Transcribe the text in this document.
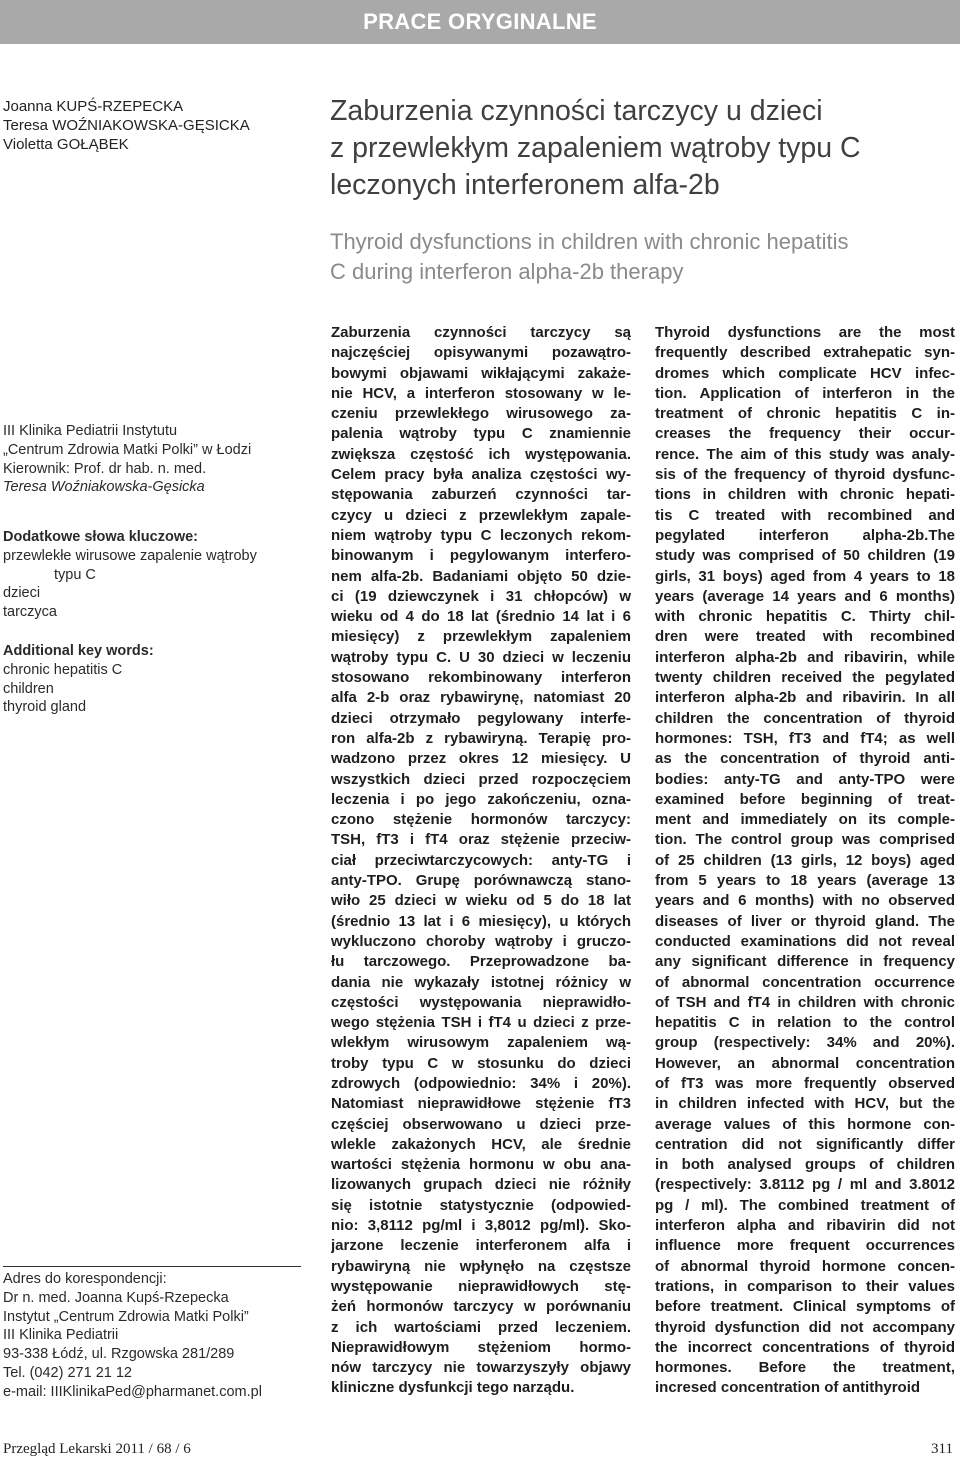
PRACE ORYGINALNE
Joanna KUPŚ-RZEPECKA
Teresa WOŹNIAKOWSKA-GĘSICKA
Violetta GOŁĄBEK
Zaburzenia czynności tarczycy u dzieci
z przewlekłym zapaleniem wątroby typu C
leczonych interferonem alfa-2b
Thyroid dysfunctions in children with chronic hepatitis
C during interferon alpha-2b therapy
III Klinika Pediatrii Instytutu
„Centrum Zdrowia Matki Polki” w Łodzi
Kierownik: Prof. dr hab. n. med.
Teresa Woźniakowska-Gęsicka
Dodatkowe słowa kluczowe:
przewlekłe wirusowe zapalenie wątroby
typu C
dzieci
tarczyca
Additional key words:
chronic hepatitis C
children
thyroid gland
Adres do korespondencji:
Dr n. med. Joanna Kupś-Rzepecka
Instytut „Centrum Zdrowia Matki Polki”
III Klinika Pediatrii
93-338 Łódź, ul. Rzgowska 281/289
Tel. (042) 271 21 12
e-mail: IIIKlinikaPed@pharmanet.com.pl
Zaburzenia czynności tarczycy są
najczęściej opisywanymi pozawątro-
bowymi objawami wikłającymi zakaże-
nie HCV, a interferon stosowany w le-
czeniu przewlekłego wirusowego za-
palenia wątroby typu C znamiennie
zwiększa częstość ich występowania.
Celem pracy była analiza częstości wy-
stępowania zaburzeń czynności tar-
czycy u dzieci z przewlekłym zapale-
niem wątroby typu C leczonych rekom-
binowanym i pegylowanym interfero-
nem alfa-2b. Badaniami objęto 50 dzie-
ci (19 dziewczynek i 31 chłopców) w
wieku od 4 do 18 lat (średnio 14 lat i 6
miesięcy) z przewlekłym zapaleniem
wątroby typu C. U 30 dzieci w leczeniu
stosowano rekombinowany interferon
alfa 2-b oraz rybawirynę, natomiast 20
dzieci otrzymało pegylowany interfe-
ron alfa-2b z rybawiryną. Terapię pro-
wadzono przez okres 12 miesięcy. U
wszystkich dzieci przed rozpoczęciem
leczenia i po jego zakończeniu, ozna-
czono stężenie hormonów tarczycy:
TSH, fT3 i fT4 oraz stężenie przeciw-
ciał przeciwtarczycowych: anty-TG i
anty-TPO. Grupę porównawczą stano-
wiło 25 dzieci w wieku od 5 do 18 lat
(średnio 13 lat i 6 miesięcy), u których
wykluczono choroby wątroby i gruczo-
łu tarczowego. Przeprowadzone ba-
dania nie wykazały istotnej różnicy w
częstości występowania nieprawidło-
wego stężenia TSH i fT4 u dzieci z prze-
wlekłym wirusowym zapaleniem wą-
troby typu C w stosunku do dzieci
zdrowych (odpowiednio: 34% i 20%).
Natomiast nieprawidłowe stężenie fT3
częściej obserwowano u dzieci prze-
wlekle zakażonych HCV, ale średnie
wartości stężenia hormonu w obu ana-
lizowanych grupach dzieci nie różniły
się istotnie statystycznie (odpowied-
nio: 3,8112 pg/ml i 3,8012 pg/ml). Sko-
jarzone leczenie interferonem alfa i
rybawiryną nie wpłynęło na częstsze
występowanie nieprawidłowych stę-
żeń hormonów tarczycy w porównaniu
z ich wartościami przed leczeniem.
Nieprawidłowym stężeniom hormo-
nów tarczycy nie towarzyszyły objawy
kliniczne dysfunkcji tego narządu.
Thyroid dysfunctions are the most
frequently described extrahepatic syn-
dromes which complicate HCV infec-
tion. Application of interferon in the
treatment of chronic hepatitis C in-
creases the frequency their occur-
rence. The aim of this study was analy-
sis of the frequency of thyroid dysfunc-
tions in children with chronic hepati-
tis C treated with recombined and
pegylated interferon alpha-2b.The
study was comprised of 50 children (19
girls, 31 boys) aged from 4 years to 18
years (average 14 years and 6 months)
with chronic hepatitis C. Thirty chil-
dren were treated with recombined
interferon alpha-2b and ribavirin, while
twenty children received the pegylated
interferon alpha-2b and ribavirin. In all
children the concentration of thyroid
hormones: TSH, fT3 and fT4; as well
as the concentration of thyroid anti-
bodies: anty-TG and anty-TPO were
examined before beginning of treat-
ment and immediately on its comple-
tion. The control group was comprised
of 25 children (13 girls, 12 boys) aged
from 5 years to 18 years (average 13
years and 6 months) with no observed
diseases of liver or thyroid gland. The
conducted examinations did not reveal
any significant difference in frequency
of abnormal concentration occurrence
of TSH and fT4 in children with chronic
hepatitis C in relation to the control
group (respectively: 34% and 20%).
However, an abnormal concentration
of fT3 was more frequently observed
in children infected with HCV, but the
average values of this hormone con-
centration did not significantly differ
in both analysed groups of children
(respectively: 3.8112 pg / ml and 3.8012
pg / ml). The combined treatment of
interferon alpha and ribavirin did not
influence more frequent occurrences
of abnormal thyroid hormone concen-
trations, in comparison to their values
before treatment. Clinical symptoms of
thyroid dysfunction did not accompany
the incorrect concentrations of thyroid
hormones. Before the treatment,
incresed concentration of antithyroid
Przegląd Lekarski 2011 / 68 / 6	311
